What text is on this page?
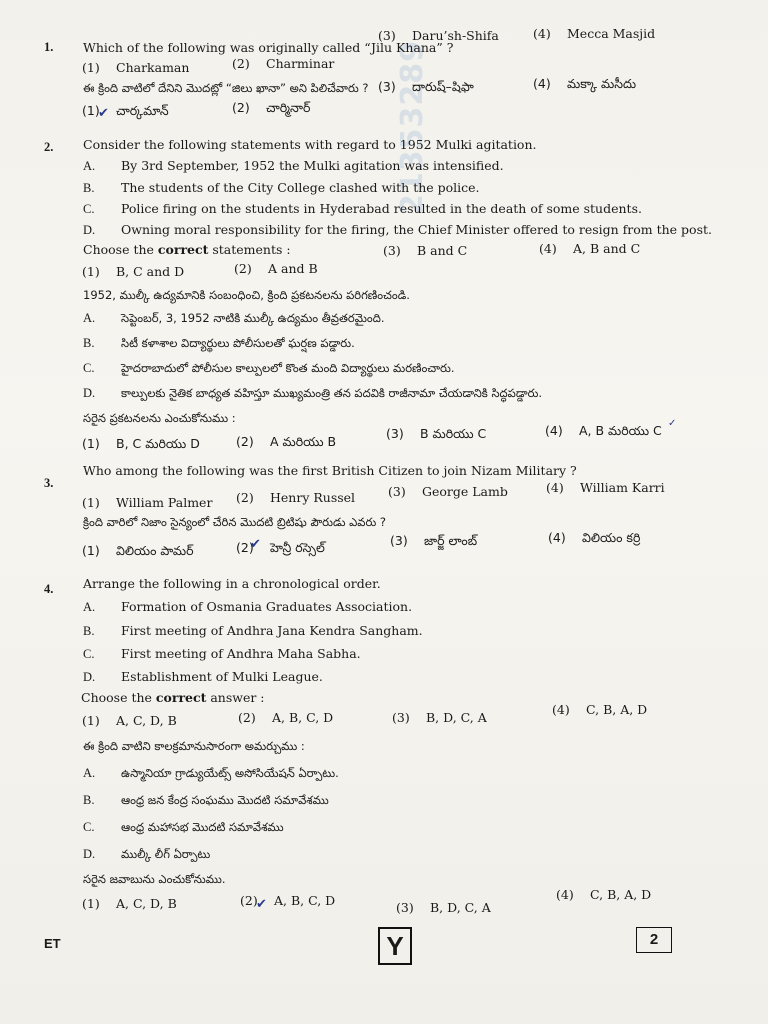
21353289
1. Which of the following was originally called “Jilu Khana” ?
(1) Charkaman	(2) Charminar
(3) Daru’sh-Shifa	(4) Mecca Masjid
ఈ క్రింది వాటిలో దేనిని మొదట్లో “జిలు ఖానా” అని పిలిచేవారు ?
(1) చార్కమాన్	(2) చార్మినార్
(3) దారుష్–షిఫా	(4) మక్కా మసీదు
✔
2. Consider the following statements with regard to 1952 Mulki agitation.
A. By 3rd September, 1952 the Mulki agitation was intensified.
B. The students of the City College clashed with the police.
C. Police firing on the students in Hyderabad resulted in the death of some students.
D. Owning moral responsibility for the firing, the Chief Minister offered to resign from the post.
Choose the correct statements :
(1) B, C and D	(2) A and B
(3) B and C	(4) A, B and C
1952, ముల్కీ ఉద్యమానికి సంబంధించి, క్రింది ప్రకటనలను పరిగణించండి.
A. సెప్టెంబర్, 3, 1952 నాటికి ముల్కీ ఉద్యమం తీవ్రతరమైంది.
B. సిటీ కళాశాల విద్యార్థులు పోలీసులతో ఘర్షణ పడ్డారు.
C. హైదరాబాదులో పోలీసుల కాల్పులలో కొంత మంది విద్యార్థులు మరణించారు.
D. కాల్పులకు నైతిక బాధ్యత వహిస్తూ ముఖ్యమంత్రి తన పదవికి రాజీనామా చేయడానికి సిద్ధపడ్డారు.
సరైన ప్రకటనలను ఎంచుకోనుము :
(1) B, C మరియు D	(2) A మరియు B
(3) B మరియు C	(4) A, B మరియు C ✓
3.
Who among the following was the first British Citizen to join Nizam Military ?
(1) William Palmer (2) Henry Russel	(3) George Lamb	(4) William Karri
క్రింది వారిలో నిజాం సైన్యంలో చేరిన మొదటి బ్రిటిషు పౌరుడు ఎవరు ?
(1) విలియం పామర్	(2) హెన్రీ రస్సెల్	(3) జార్జ్ లాంబ్	(4) విలియం కర్రి
✔
4. Arrange the following in a chronological order.
A. Formation of Osmania Graduates Association.
B. First meeting of Andhra Jana Kendra Sangham.
C. First meeting of Andhra Maha Sabha.
D. Establishment of Mulki League.
Choose the correct answer :
(1) A, C, D, B	(2) A, B, C, D	(3) B, D, C, A
(4) C, B, A, D
ఈ క్రింది వాటిని కాలక్రమానుసారంగా అమర్చుము :
A. ఉస్మానియా గ్రాడ్యుయేట్స్ అసోసియేషన్ ఏర్పాటు.
B. ఆంధ్ర జన కేంద్ర సంఘము మొదటి సమావేశము
C. ఆంధ్ర మహాసభ మొదటి సమావేశము
D. ముల్కీ లీగ్ ఏర్పాటు
సరైన జవాబును ఎంచుకోనుము.
(1) A, C, D, B	(2) A, B, C, D	(3) B, D, C, A
(4) C, B, A, D
✔
ET	Y	2
